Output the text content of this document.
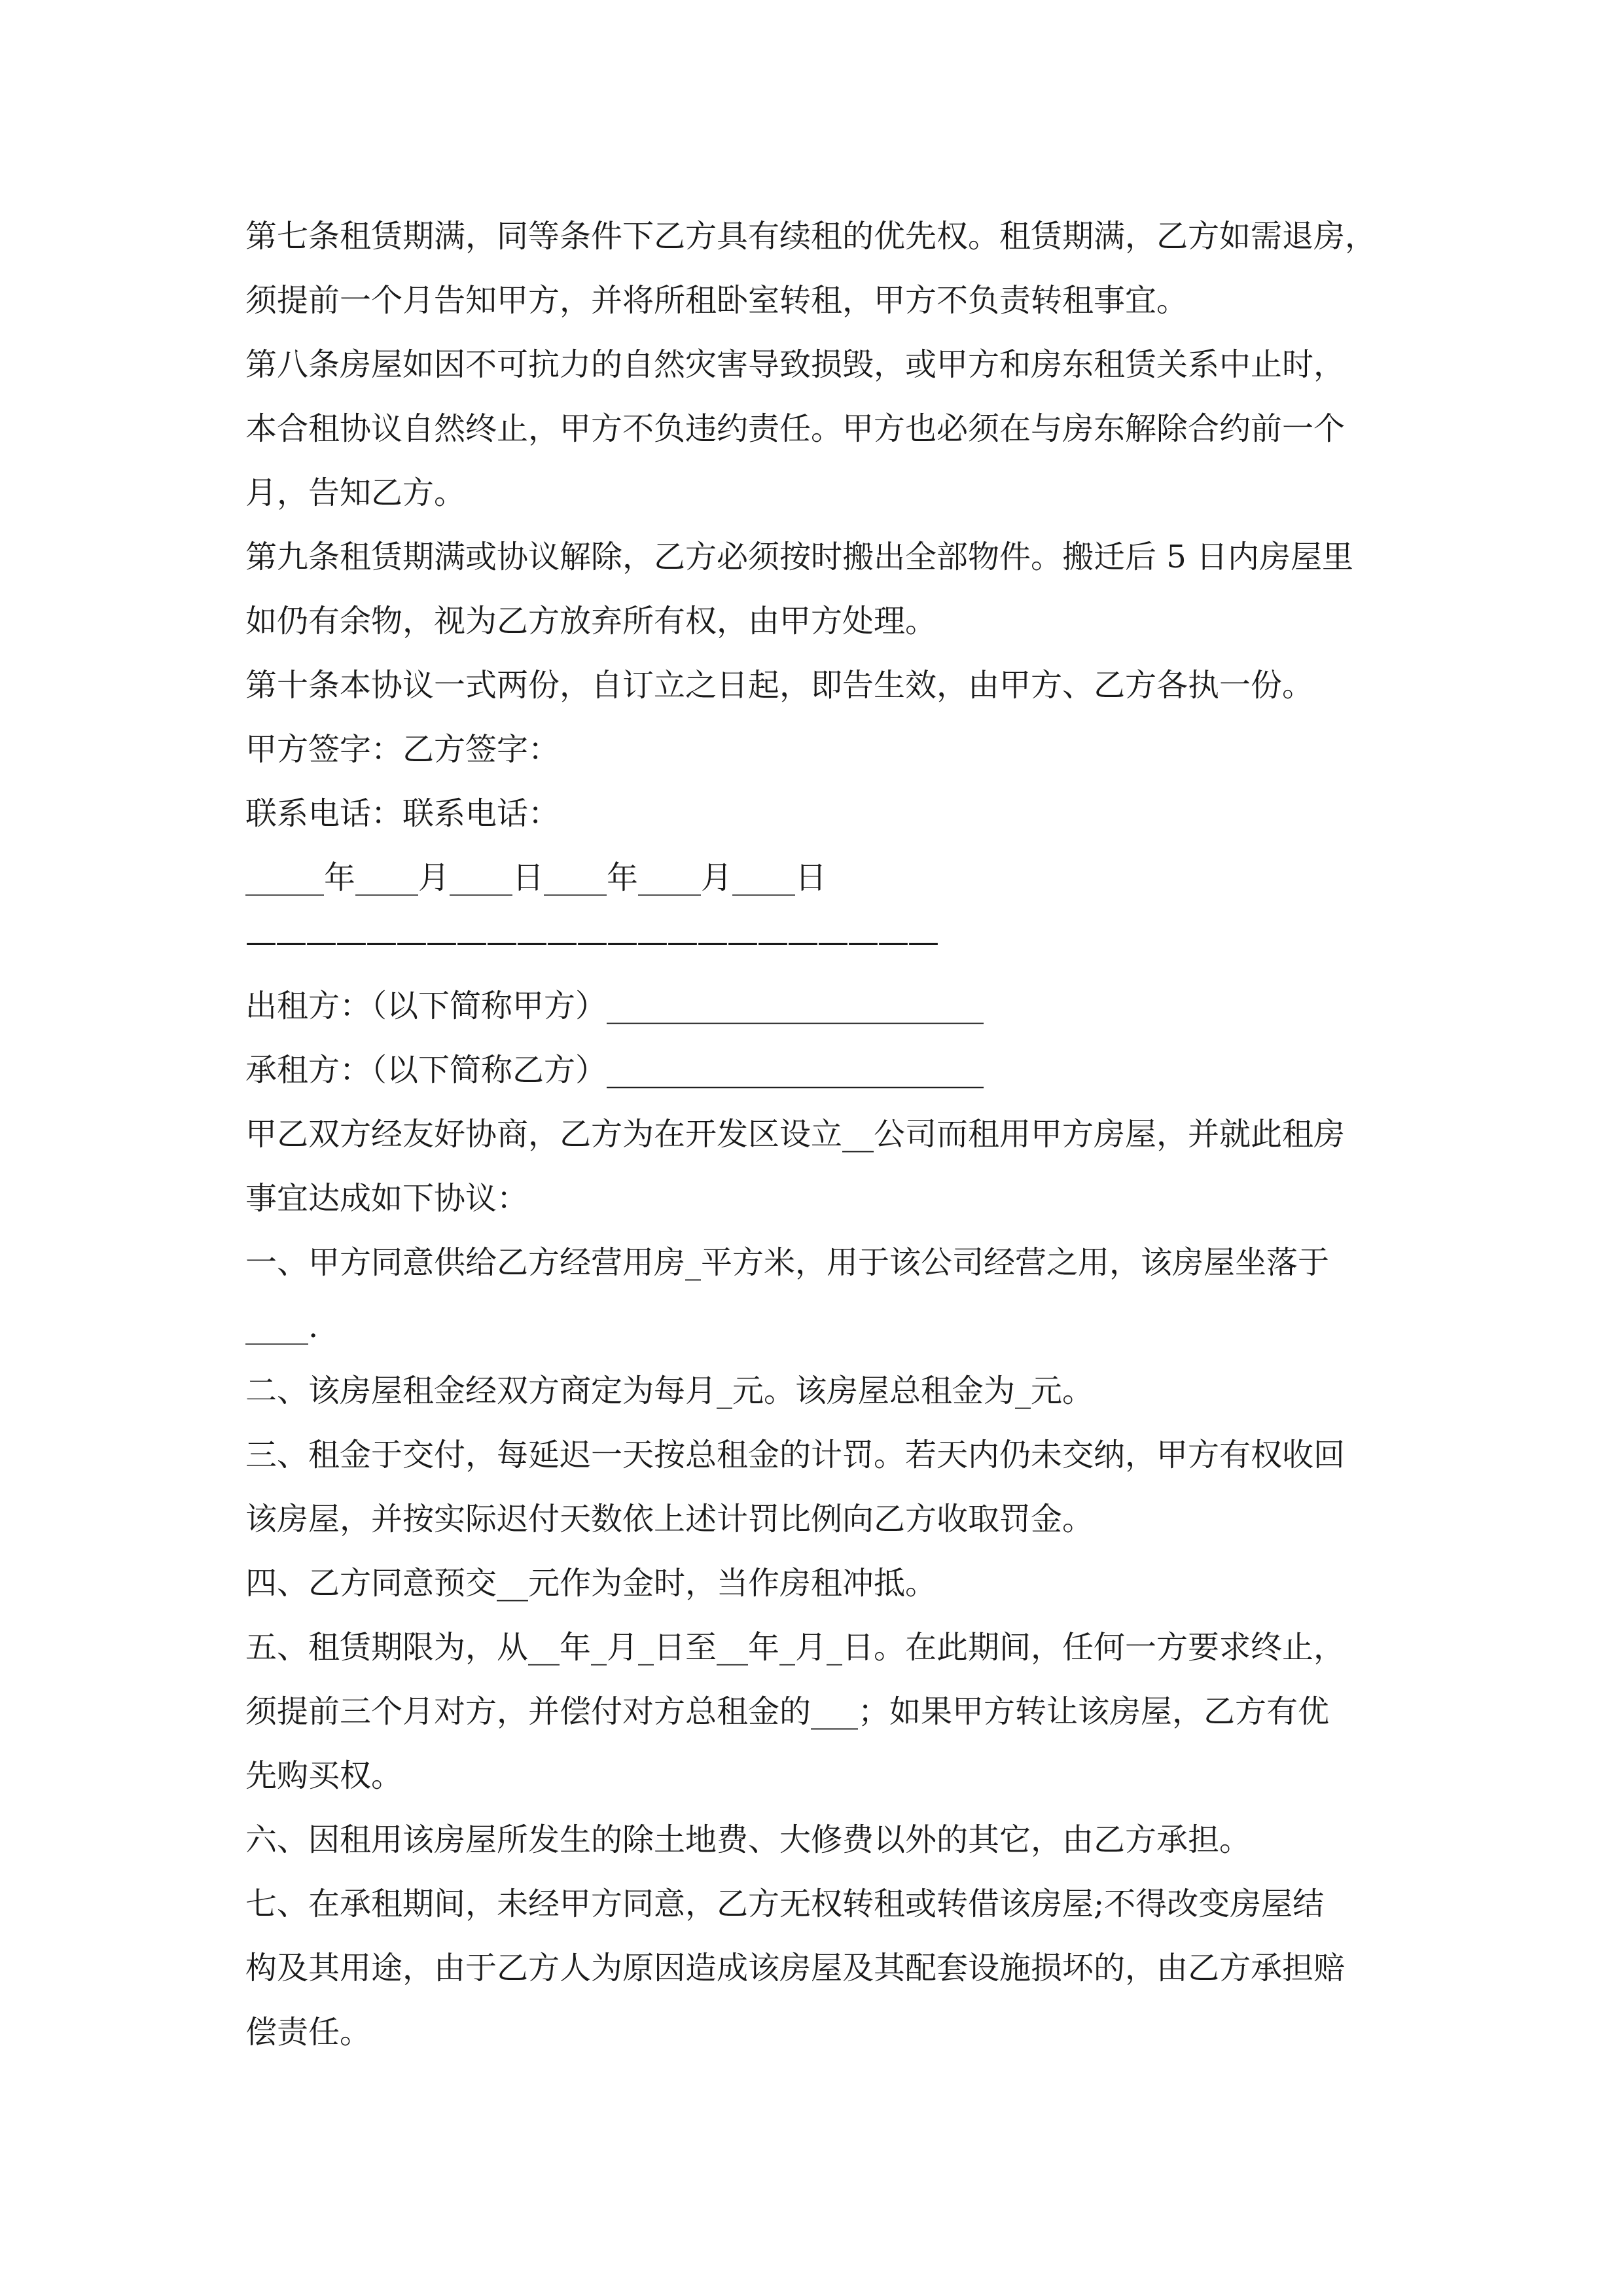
第七条租赁期满，同等条件下乙方具有续租的优先权。租赁期满，乙方如需退房，
须提前一个月告知甲方，并将所租卧室转租，甲方不负责转租事宜。
第八条房屋如因不可抗力的自然灾害导致损毁，或甲方和房东租赁关系中止时，
本合租协议自然终止，甲方不负违约责任。甲方也必须在与房东解除合约前一个
月，告知乙方。
第九条租赁期满或协议解除，乙方必须按时搬出全部物件。搬迁后 5 日内房屋里
如仍有余物，视为乙方放弃所有权，由甲方处理。
第十条本协议一式两份，自订立之日起，即告生效，由甲方、乙方各执一份。
甲方签字：乙方签字：
联系电话：联系电话：
_____年____月____日____年____月____日
———————————————————————
出租方：（以下简称甲方）________________________
承租方：（以下简称乙方）________________________
甲乙双方经友好协商，乙方为在开发区设立__公司而租用甲方房屋，并就此租房
事宜达成如下协议：
一、甲方同意供给乙方经营用房_平方米，用于该公司经营之用，该房屋坐落于
____.
二、该房屋租金经双方商定为每月_元。该房屋总租金为_元。
三、租金于交付，每延迟一天按总租金的计罚。若天内仍未交纳，甲方有权收回
该房屋，并按实际迟付天数依上述计罚比例向乙方收取罚金。
四、乙方同意预交__元作为金时，当作房租冲抵。
五、租赁期限为，从__年_月_日至__年_月_日。在此期间，任何一方要求终止，
须提前三个月对方，并偿付对方总租金的___；如果甲方转让该房屋，乙方有优
先购买权。
六、因租用该房屋所发生的除土地费、大修费以外的其它，由乙方承担。
七、在承租期间，未经甲方同意，乙方无权转租或转借该房屋;不得改变房屋结
构及其用途，由于乙方人为原因造成该房屋及其配套设施损坏的，由乙方承担赔
偿责任。
